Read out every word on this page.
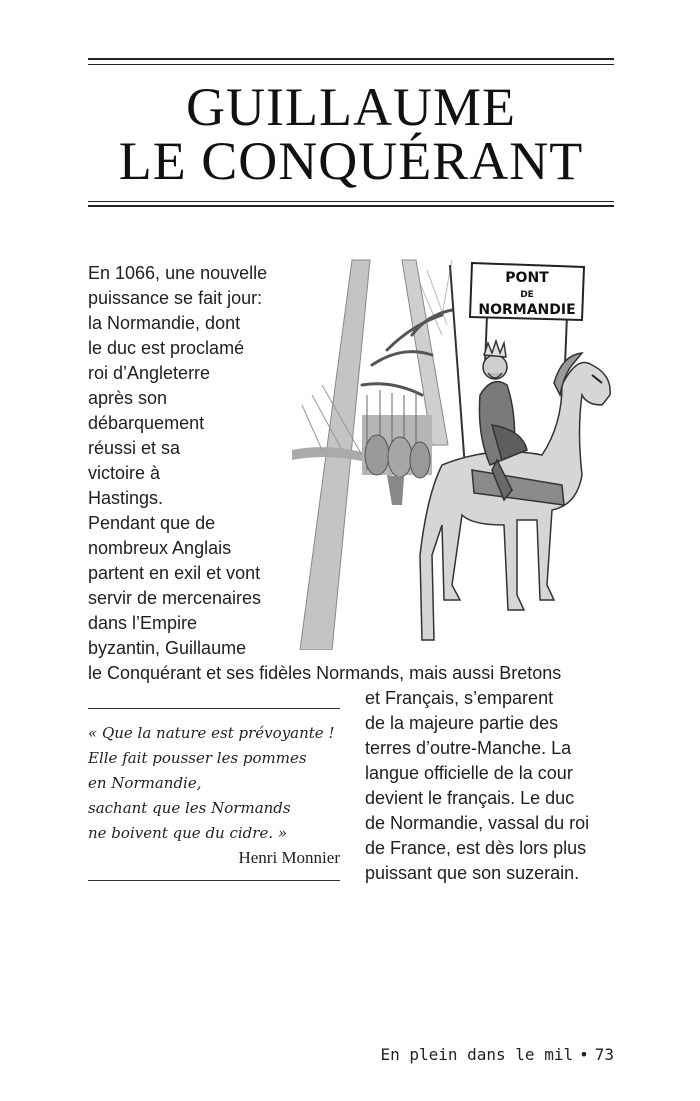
GUILLAUME
LE CONQUÉRANT
En 1066, une nouvelle
puissance se fait jour:
la Normandie, dont
le duc est proclamé
roi d’Angleterre
après son
débarquement
réussi et sa
victoire à
Hastings.
Pendant que de
nombreux Anglais
partent en exil et vont
servir de mercenaires
dans l’Empire
byzantin, Guillaume
le Conquérant et ses fidèles Normands, mais aussi Bretons
PONT
DE
NORMANDIE
« Que la nature est prévoyante !
Elle fait pousser les pommes
en Normandie,
sachant que les Normands
ne boivent que du cidre. »
Henri Monnier
et Français, s’emparent
de la majeure partie des
terres d’outre-Manche. La
langue officielle de la cour
devient le français. Le duc
de Normandie, vassal du roi
de France, est dès lors plus
puissant que son suzerain.
En plein dans le mil • 73
